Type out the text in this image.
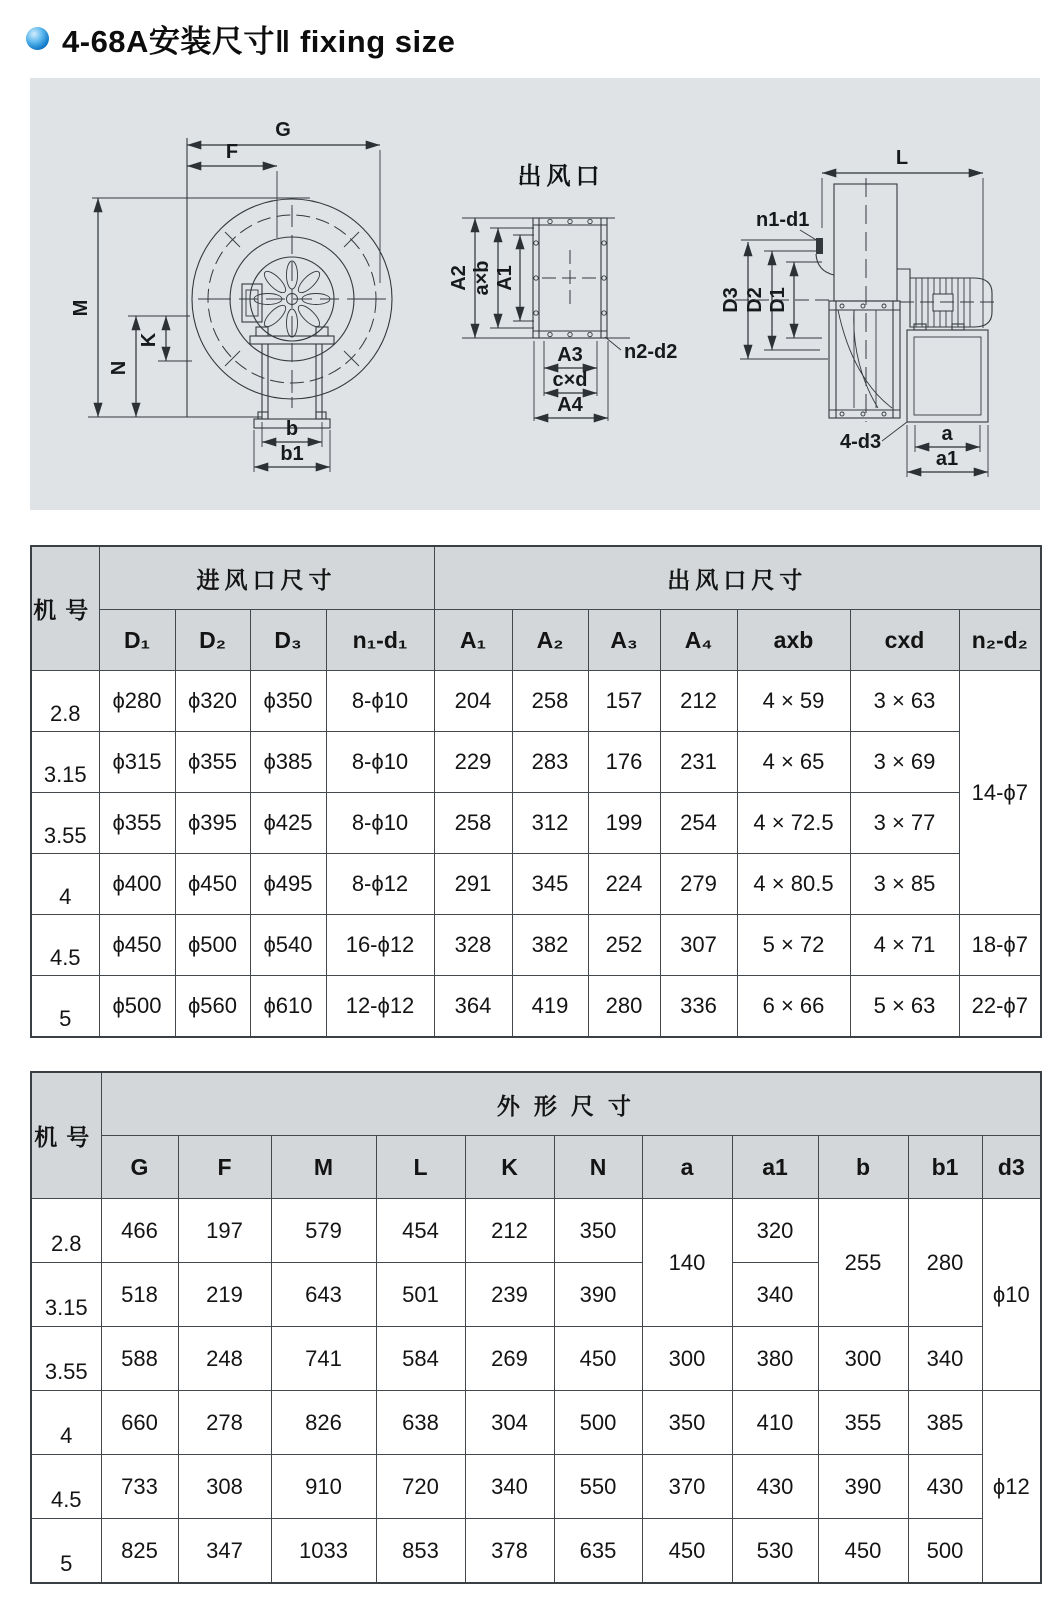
4-68A安装尺寸‖ fixing size
G
F
M
N
K
b
b1
出风口
A2 a×b A1
A3
c×d
A4
n2-d2
L
n1-d1
D3 D2 D1
4-d3	a
a1
机号	进风口尺寸				出风口尺寸						
	D₁	D₂	D₃	n₁-d₁	A₁	A₂	A₃	A₄	axb	cxd	n₂-d₂
2.8	ϕ280	ϕ320	ϕ350	8-ϕ10	204	258	157	212	4 × 59	3 × 63	14-ϕ7
3.15	ϕ315	ϕ355	ϕ385	8-ϕ10	229	283	176	231	4 × 65	3 × 69	
3.55	ϕ355	ϕ395	ϕ425	8-ϕ10	258	312	199	254	4 × 72.5	3 × 77	
4	ϕ400	ϕ450	ϕ495	8-ϕ12	291	345	224	279	4 × 80.5	3 × 85	
4.5	ϕ450	ϕ500	ϕ540	16-ϕ12	328	382	252	307	5 × 72	4 × 71	18-ϕ7
5	ϕ500	ϕ560	ϕ610	12-ϕ12	364	419	280	336	6 × 66	5 × 63	22-ϕ7
机号	外形尺寸										
	G	F	M	L	K	N	a	a1	b	b1	d3
2.8	466	197	579	454	212	350	140	320	255	280	ϕ10
3.15	518	219	643	501	239	390		340			
3.55	588	248	741	584	269	450	300	380	300	340	
4	660	278	826	638	304	500	350	410	355	385	ϕ12
4.5	733	308	910	720	340	550	370	430	390	430	
5	825	347	1033	853	378	635	450	530	450	500	
